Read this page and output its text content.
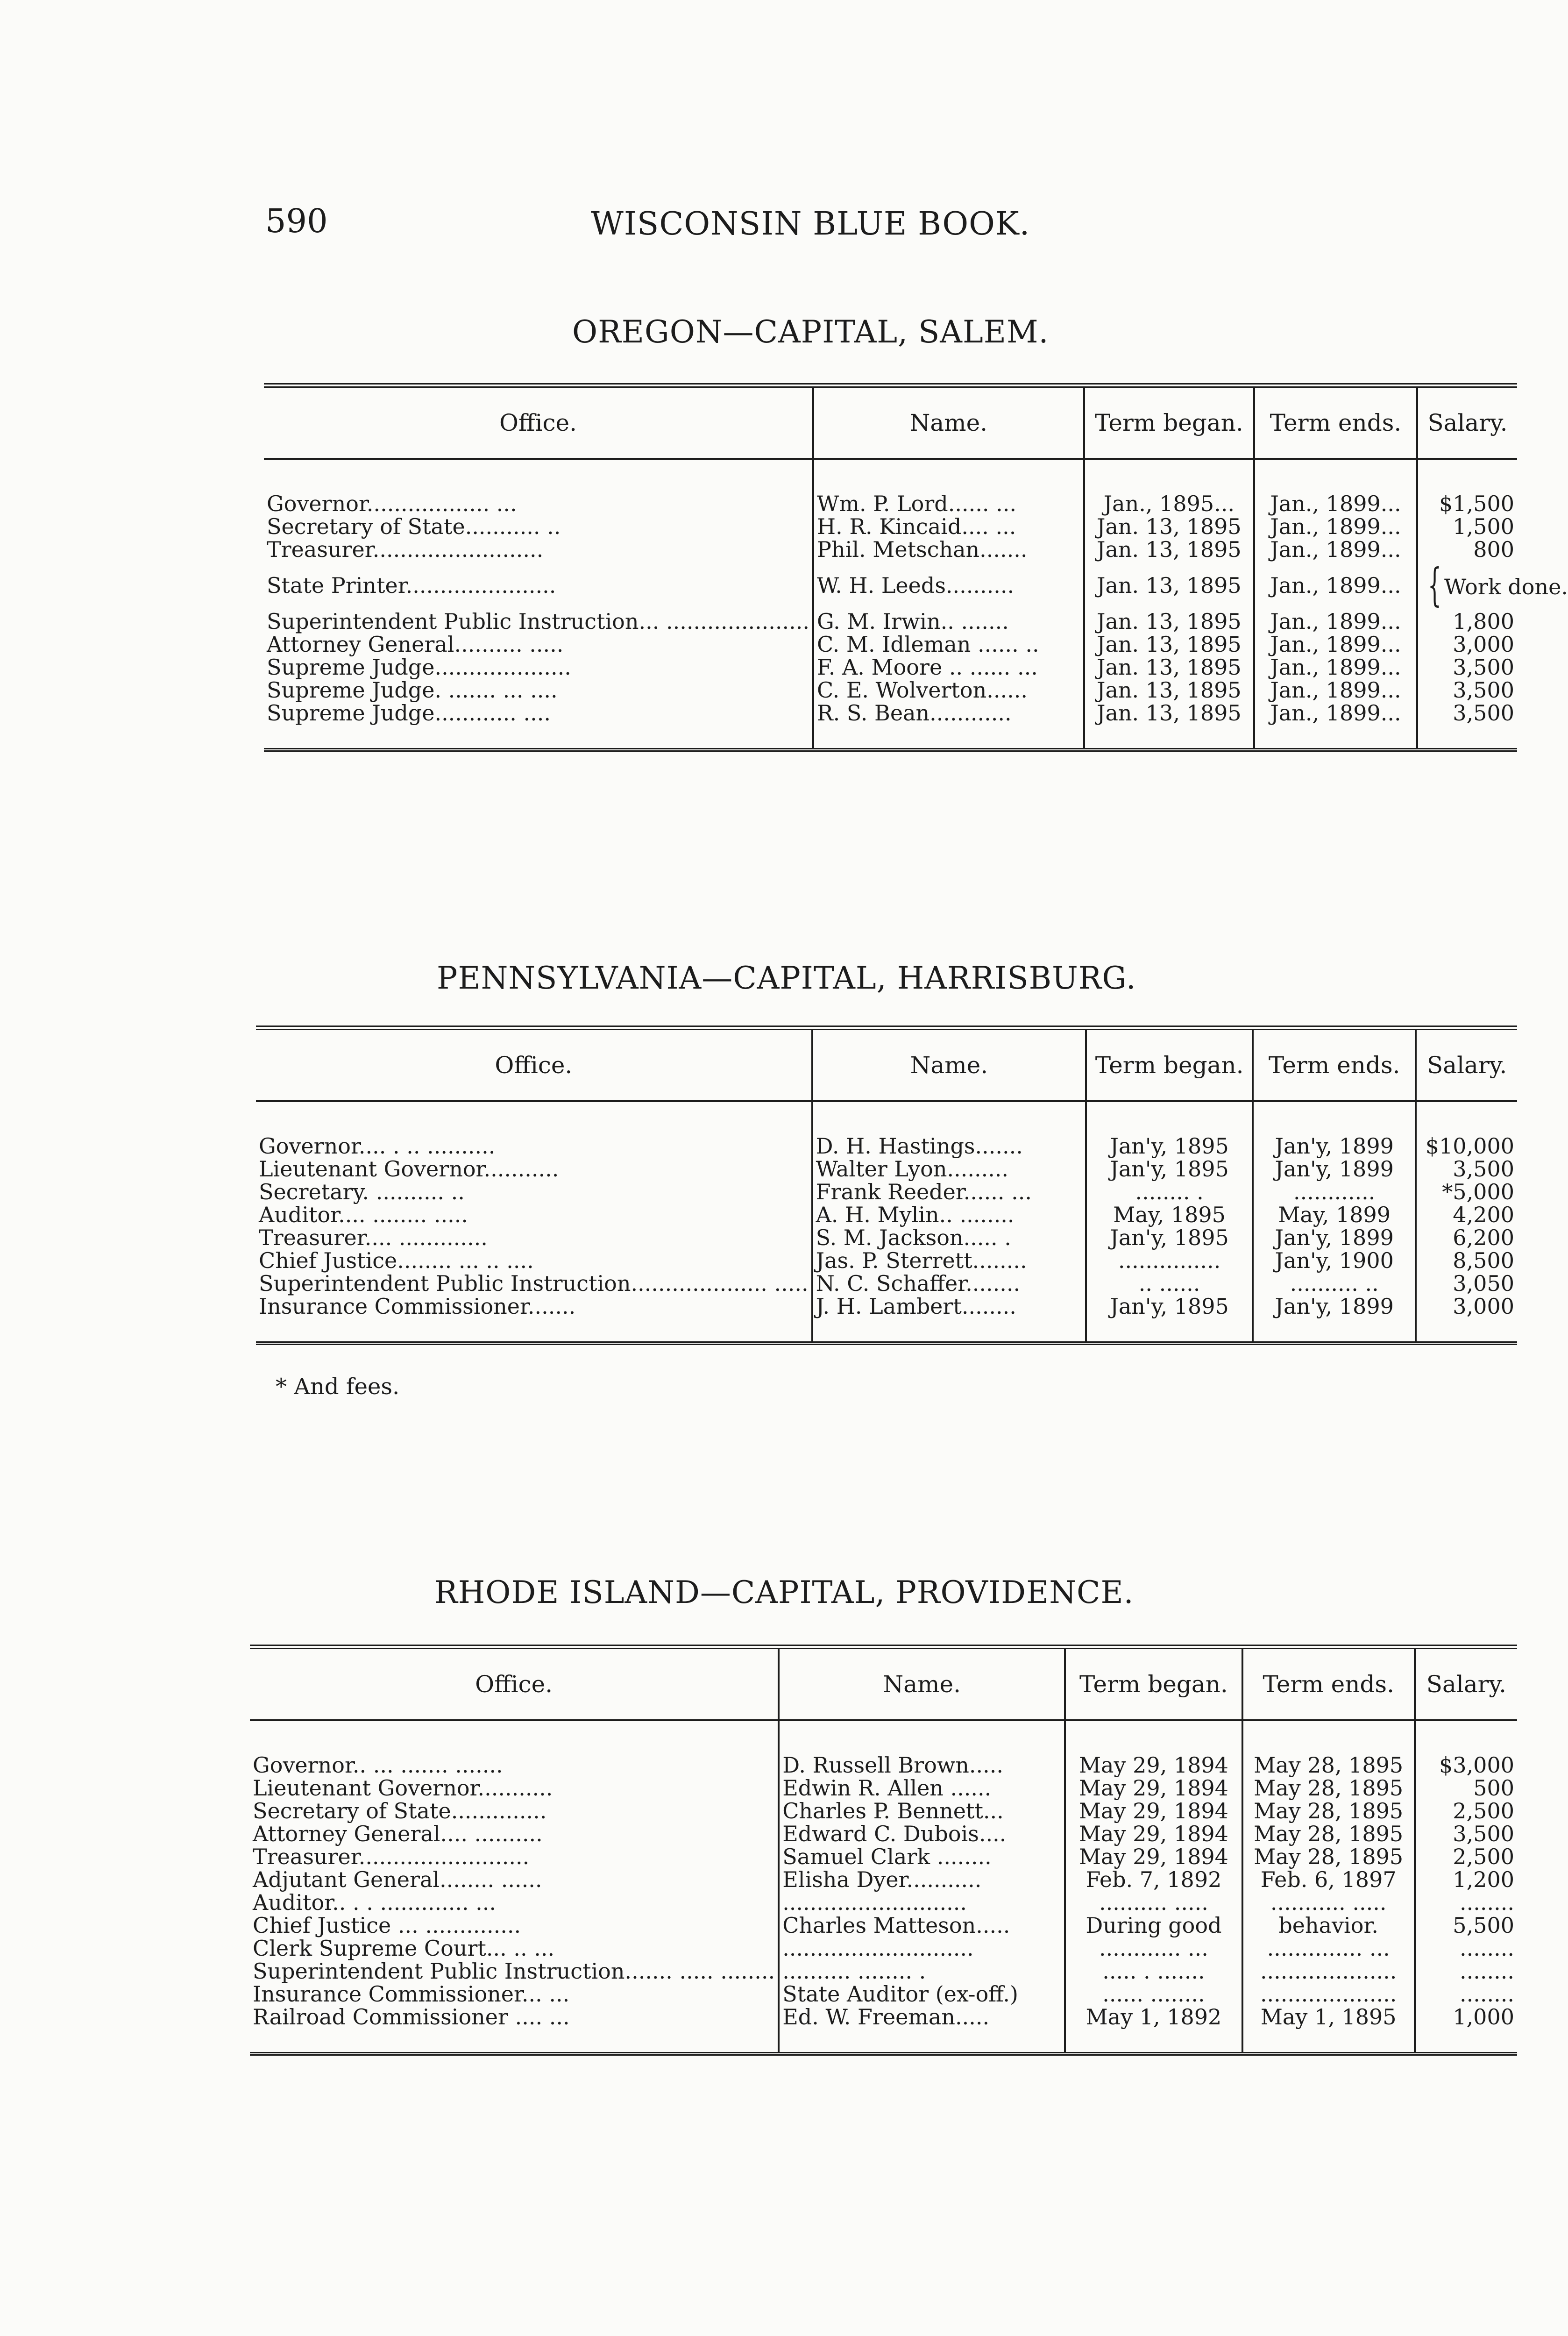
590	WISCONSIN BLUE BOOK.
OREGON—CAPITAL, SALEM.
Office.	Name.	Term began.	Term ends.	Salary.
Governor.................. ...	Wm. P. Lord...... ...	Jan., 1895...	Jan., 1899...	$1,500
Secretary of State........... ..	H. R. Kincaid.... ...	Jan. 13, 1895	Jan., 1899...	1,500
Treasurer.........................	Phil. Metschan.......	Jan. 13, 1895	Jan., 1899...	800
State Printer......................	W. H. Leeds..........	Jan. 13, 1895	Jan., 1899...	{ Work done.
Superintendent Public Instruction... .....................	G. M. Irwin.. .......	Jan. 13, 1895	Jan., 1899...	1,800
Attorney General.......... .....	C. M. Idleman ...... ..	Jan. 13, 1895	Jan., 1899...	3,000
Supreme Judge....................	F. A. Moore .. ...... ...	Jan. 13, 1895	Jan., 1899...	3,500
Supreme Judge. ....... ... ....	C. E. Wolverton......	Jan. 13, 1895	Jan., 1899...	3,500
Supreme Judge............ ....	R. S. Bean............	Jan. 13, 1895	Jan., 1899...	3,500
PENNSYLVANIA—CAPITAL, HARRISBURG.
Office.	Name.	Term began.	Term ends.	Salary.
Governor.... . .. ..........	D. H. Hastings.......	Jan'y, 1895	Jan'y, 1899	$10,000
Lieutenant Governor...........	Walter Lyon.........	Jan'y, 1895	Jan'y, 1899	3,500
Secretary. .......... ..	Frank Reeder...... ...	........ .	............	*5,000
Auditor.... ........ .....	A. H. Mylin.. ........	May, 1895	May, 1899	4,200
Treasurer.... .............	S. M. Jackson..... .	Jan'y, 1895	Jan'y, 1899	6,200
Chief Justice........ ... .. ....	Jas. P. Sterrett........	...............	Jan'y, 1900	8,500
Superintendent Public Instruction.................... .....	N. C. Schaffer........	.. ......	.......... ..	3,050
Insurance Commissioner.......	J. H. Lambert........	Jan'y, 1895	Jan'y, 1899	3,000
* And fees.
RHODE ISLAND—CAPITAL, PROVIDENCE.
Office.	Name.	Term began.	Term ends.	Salary.
Governor.. ... ....... .......	D. Russell Brown.....	May 29, 1894	May 28, 1895	$3,000
Lieutenant Governor...........	Edwin R. Allen ......	May 29, 1894	May 28, 1895	500
Secretary of State..............	Charles P. Bennett...	May 29, 1894	May 28, 1895	2,500
Attorney General.... ..........	Edward C. Dubois....	May 29, 1894	May 28, 1895	3,500
Treasurer.........................	Samuel Clark ........	May 29, 1894	May 28, 1895	2,500
Adjutant General........ ......	Elisha Dyer...........	Feb. 7, 1892	Feb. 6, 1897	1,200
Auditor.. . . ............. ...	...........................	.......... .....	........... .....	........
Chief Justice ... ..............	Charles Matteson.....	During good	behavior.	5,500
Clerk Supreme Court... .. ...	............................	............ ...	.............. ...	........
Superintendent Public Instruction....... ..... ........	.......... ........ .	..... . .......	....................	........
Insurance Commissioner... ...	State Auditor (ex-off.)	...... ........	....................	........
Railroad Commissioner .... ...	Ed. W. Freeman.....	May 1, 1892	May 1, 1895	1,000
